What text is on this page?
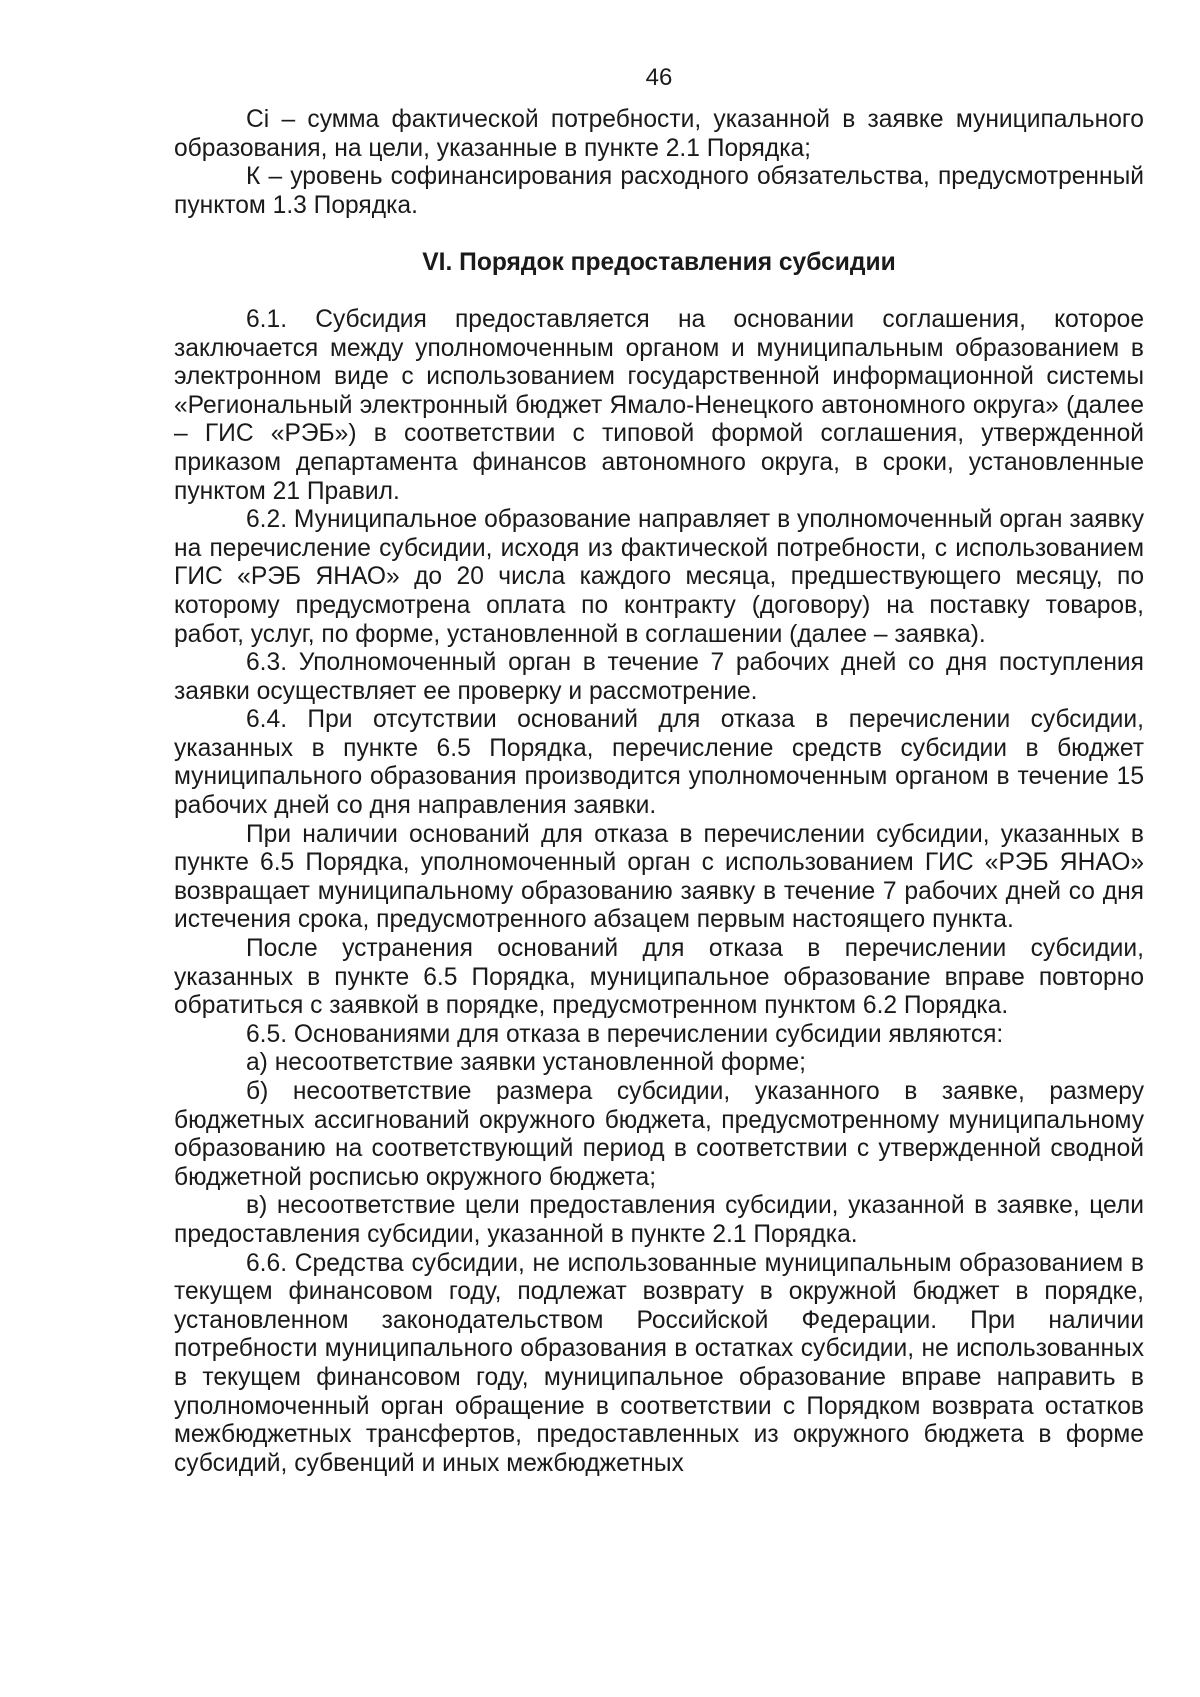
46

Ci – сумма фактической потребности, указанной в заявке муниципального образования, на цели, указанные в пункте 2.1 Порядка;

К – уровень софинансирования расходного обязательства, предусмотренный пунктом 1.3 Порядка.

VI. Порядок предоставления субсидии

6.1. Субсидия предоставляется на основании соглашения, которое заключается между уполномоченным органом и муниципальным образованием в электронном виде с использованием государственной информационной системы «Региональный электронный бюджет Ямало-Ненецкого автономного округа» (далее – ГИС «РЭБ») в соответствии с типовой формой соглашения, утвержденной приказом департамента финансов автономного округа, в сроки, установленные пунктом 21 Правил.

6.2. Муниципальное образование направляет в уполномоченный орган заявку на перечисление субсидии, исходя из фактической потребности, с использованием ГИС «РЭБ ЯНАО» до 20 числа каждого месяца, предшествующего месяцу, по которому предусмотрена оплата по контракту (договору) на поставку товаров, работ, услуг, по форме, установленной в соглашении (далее – заявка).

6.3. Уполномоченный орган в течение 7 рабочих дней со дня поступления заявки осуществляет ее проверку и рассмотрение.

6.4. При отсутствии оснований для отказа в перечислении субсидии, указанных в пункте 6.5 Порядка, перечисление средств субсидии в бюджет муниципального образования производится уполномоченным органом в течение 15 рабочих дней со дня направления заявки.

При наличии оснований для отказа в перечислении субсидии, указанных в пункте 6.5 Порядка, уполномоченный орган с использованием ГИС «РЭБ ЯНАО» возвращает муниципальному образованию заявку в течение 7 рабочих дней со дня истечения срока, предусмотренного абзацем первым настоящего пункта.

После устранения оснований для отказа в перечислении субсидии, указанных в пункте 6.5 Порядка, муниципальное образование вправе повторно обратиться с заявкой в порядке, предусмотренном пунктом 6.2 Порядка.

6.5. Основаниями для отказа в перечислении субсидии являются:

а) несоответствие заявки установленной форме;

б) несоответствие размера субсидии, указанного в заявке, размеру бюджетных ассигнований окружного бюджета, предусмотренному муниципальному образованию на соответствующий период в соответствии с утвержденной сводной бюджетной росписью окружного бюджета;

в) несоответствие цели предоставления субсидии, указанной в заявке, цели предоставления субсидии, указанной в пункте 2.1 Порядка.

6.6. Средства субсидии, не использованные муниципальным образованием в текущем финансовом году, подлежат возврату в окружной бюджет в порядке, установленном законодательством Российской Федерации. При наличии потребности муниципального образования в остатках субсидии, не использованных в текущем финансовом году, муниципальное образование вправе направить в уполномоченный орган обращение в соответствии с Порядком возврата остатков межбюджетных трансфертов, предоставленных из окружного бюджета в форме субсидий, субвенций и иных межбюджетных
